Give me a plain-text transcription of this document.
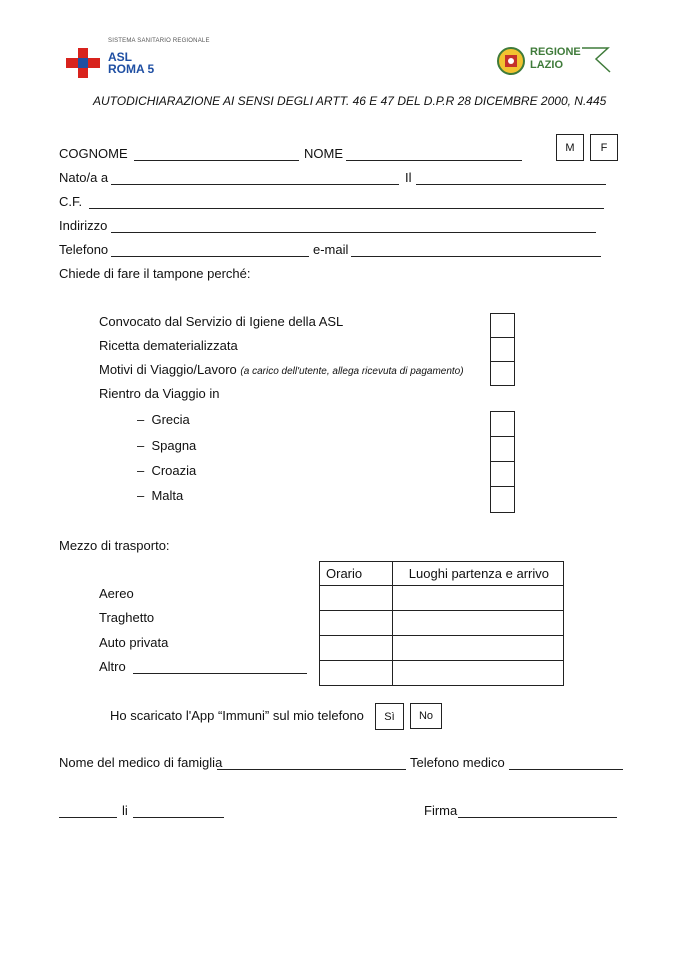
SISTEMA SANITARIO REGIONALE
ASL
ROMA 5
REGIONE
LAZIO
AUTODICHIARAZIONE AI SENSI DEGLI ARTT. 46 E 47 DEL D.P.R 28 DICEMBRE 2000, N.445
COGNOME	NOME	M F
Nato/a a	Il
C.F.
Indirizzo
Telefono	e-mail
Chiede di fare il tampone perché:
Convocato dal Servizio di Igiene della ASL
Ricetta dematerializzata
Motivi di Viaggio/Lavoro (a carico dell'utente, allega ricevuta di pagamento)
Rientro da Viaggio in
– Grecia
– Spagna
– Croazia
– Malta
Mezzo di trasporto:
Orario	Luoghi partenza e arrivo

Aereo
Traghetto
Auto privata
Altro
Ho scaricato l'App “Immuni” sul mio telefono Sì No
Nome del medico di famiglia	Telefono medico
li	Firma
